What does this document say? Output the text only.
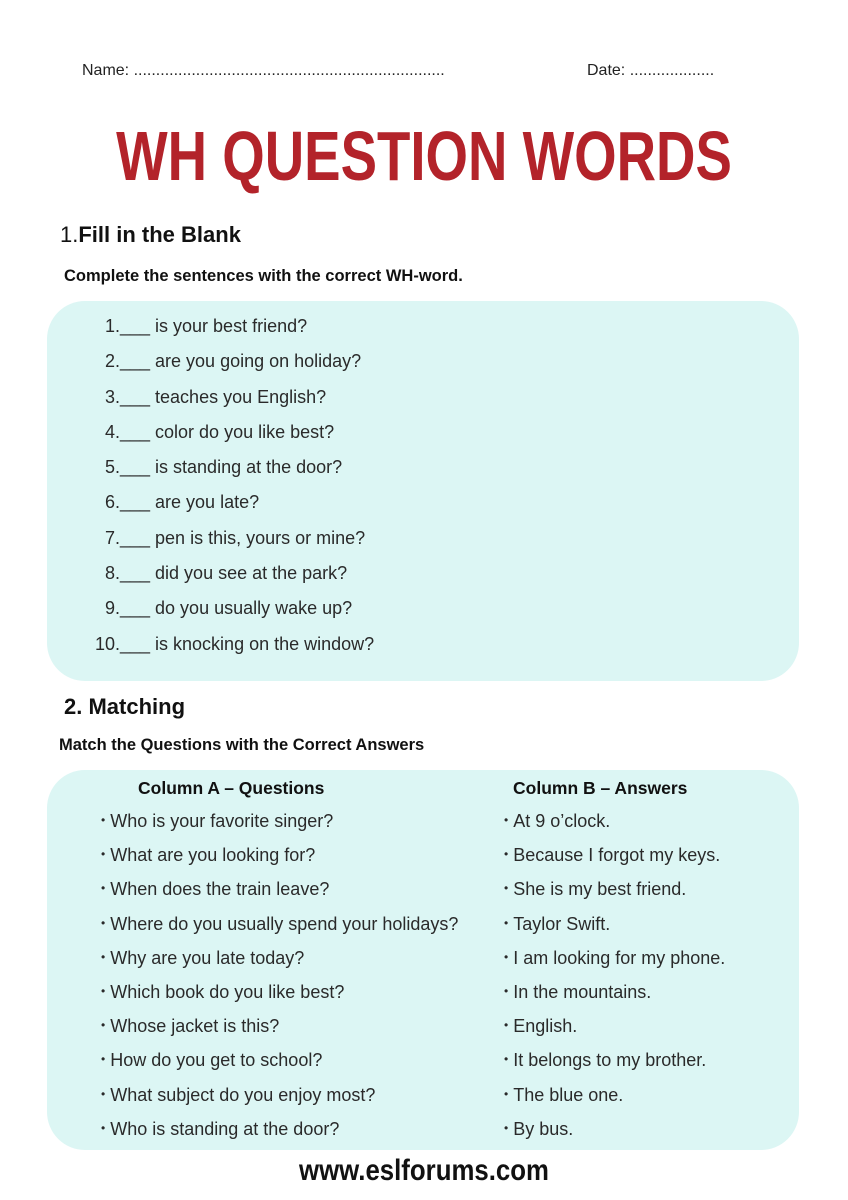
Name: ......................................................................	Date: ...................
WH QUESTION WORDS
1.Fill in the Blank
Complete the sentences with the correct WH-word.
1. ___ is your best friend?
2. ___ are you going on holiday?
3. ___ teaches you English?
4. ___ color do you like best?
5. ___ is standing at the door?
6. ___ are you late?
7. ___ pen is this, yours or mine?
8. ___ did you see at the park?
9. ___ do you usually wake up?
10. ___ is knocking on the window?
2. Matching
Match the Questions with the Correct Answers
Column A – Questions	Column B – Answers
• Who is your favorite singer?
• What are you looking for?
• When does the train leave?
• Where do you usually spend your holidays?
• Why are you late today?
• Which book do you like best?
• Whose jacket is this?
• How do you get to school?
• What subject do you enjoy most?
• Who is standing at the door?
• At 9 o’clock.
• Because I forgot my keys.
• She is my best friend.
• Taylor Swift.
• I am looking for my phone.
• In the mountains.
• English.
• It belongs to my brother.
• The blue one.
• By bus.
www.eslforums.com
